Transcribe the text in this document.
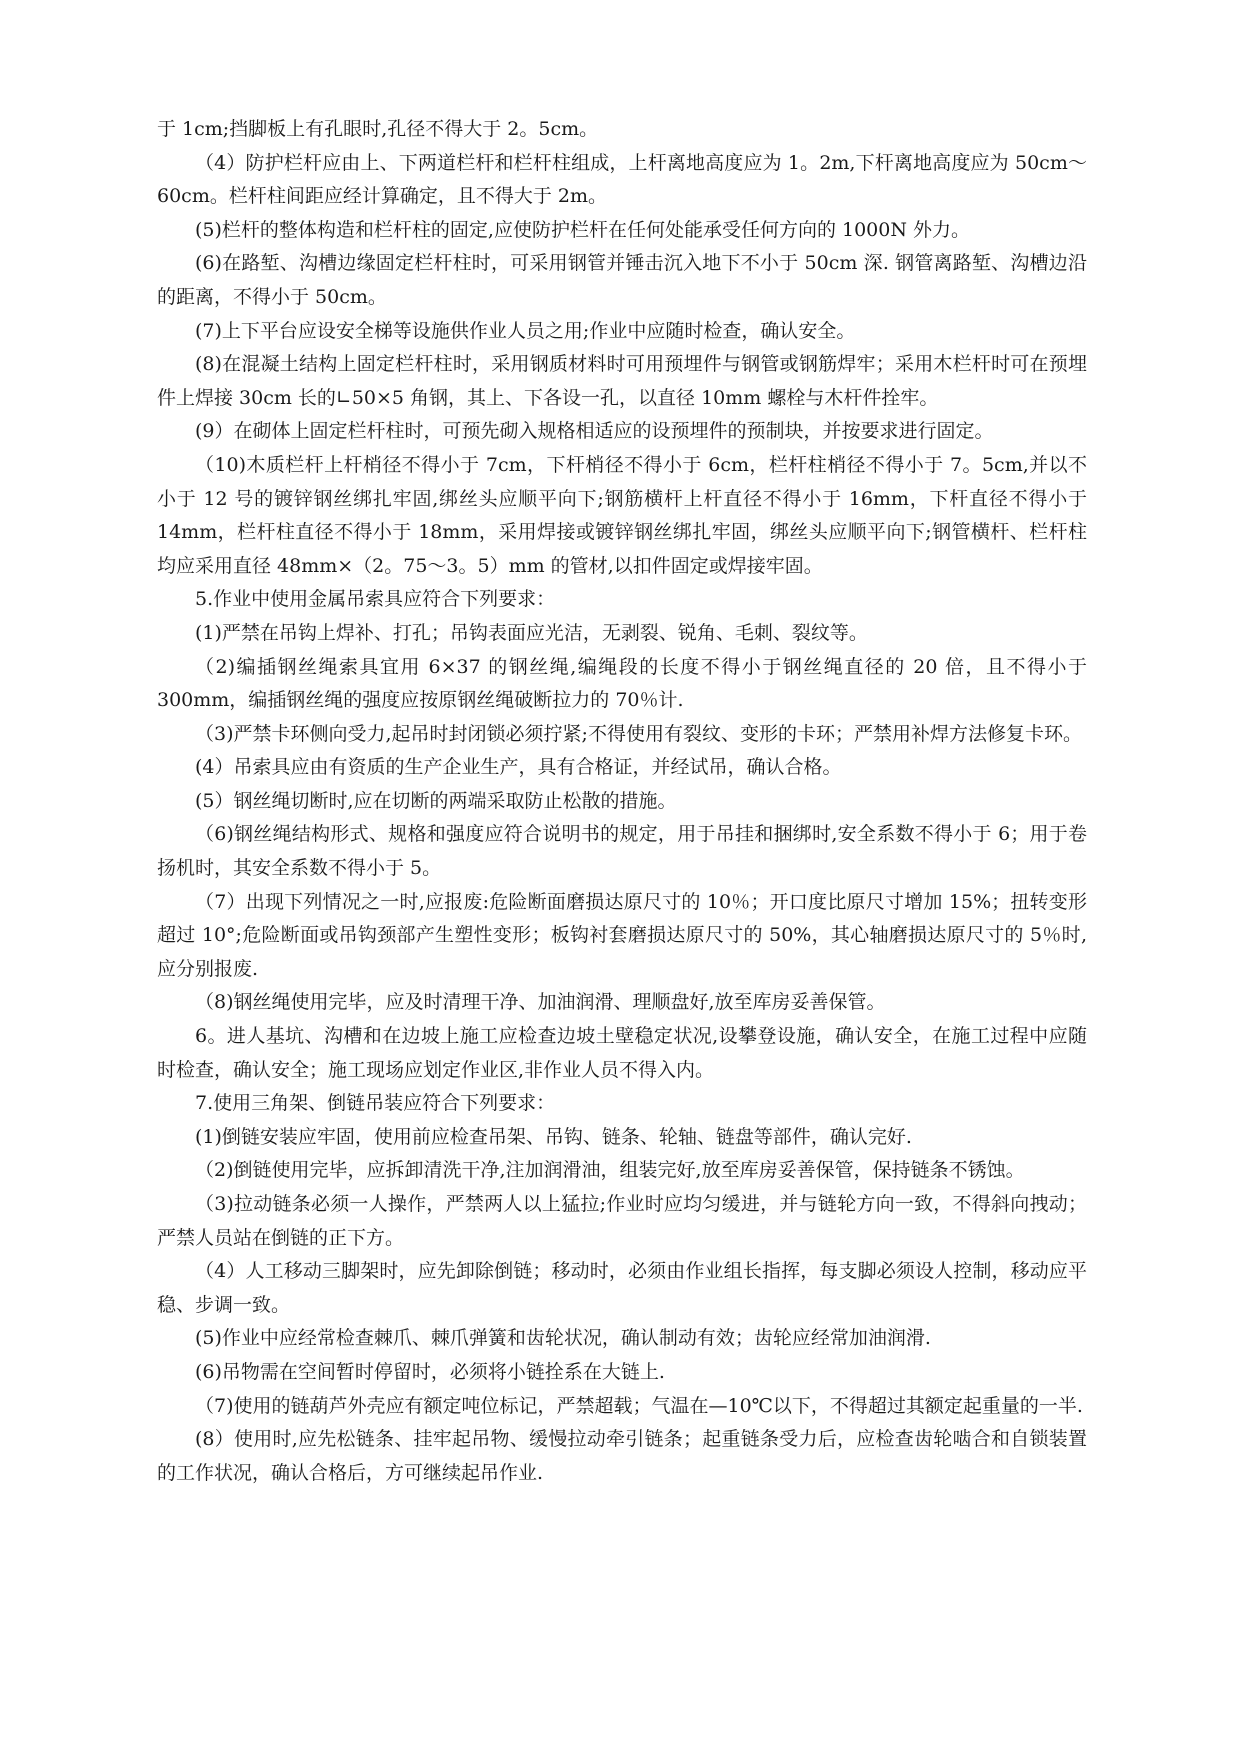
于 1cm;挡脚板上有孔眼时,孔径不得大于 2。5cm。

（4）防护栏杆应由上、下两道栏杆和栏杆柱组成，上杆离地高度应为 1。2m,下杆离地高度应为 50cm～60cm。栏杆柱间距应经计算确定，且不得大于 2m。

(5)栏杆的整体构造和栏杆柱的固定,应使防护栏杆在任何处能承受任何方向的 1000N 外力。

(6)在路堑、沟槽边缘固定栏杆柱时，可采用钢管并锤击沉入地下不小于 50cm 深. 钢管离路堑、沟槽边沿的距离，不得小于 50cm。

(7)上下平台应设安全梯等设施供作业人员之用;作业中应随时检查，确认安全。

(8)在混凝土结构上固定栏杆柱时，采用钢质材料时可用预埋件与钢管或钢筋焊牢；采用木栏杆时可在预埋件上焊接 30cm 长的∟50×5 角钢，其上、下各设一孔，以直径 10mm 螺栓与木杆件拴牢。

(9）在砌体上固定栏杆柱时，可预先砌入规格相适应的设预埋件的预制块，并按要求进行固定。

（10)木质栏杆上杆梢径不得小于 7cm，下杆梢径不得小于 6cm，栏杆柱梢径不得小于 7。5cm,并以不小于 12 号的镀锌钢丝绑扎牢固,绑丝头应顺平向下;钢筋横杆上杆直径不得小于 16mm，下杆直径不得小于 14mm，栏杆柱直径不得小于 18mm，采用焊接或镀锌钢丝绑扎牢固，绑丝头应顺平向下;钢管横杆、栏杆柱均应采用直径 48mm×（2。75～3。5）mm 的管材,以扣件固定或焊接牢固。

5.作业中使用金属吊索具应符合下列要求：

(1)严禁在吊钩上焊补、打孔；吊钩表面应光洁，无剥裂、锐角、毛刺、裂纹等。

（2)编插钢丝绳索具宜用 6×37 的钢丝绳,编绳段的长度不得小于钢丝绳直径的 20 倍，且不得小于 300mm，编插钢丝绳的强度应按原钢丝绳破断拉力的 70％计.

（3)严禁卡环侧向受力,起吊时封闭锁必须拧紧;不得使用有裂纹、变形的卡环；严禁用补焊方法修复卡环。

(4）吊索具应由有资质的生产企业生产，具有合格证，并经试吊，确认合格。

(5）钢丝绳切断时,应在切断的两端采取防止松散的措施。

（6)钢丝绳结构形式、规格和强度应符合说明书的规定，用于吊挂和捆绑时,安全系数不得小于 6；用于卷扬机时，其安全系数不得小于 5。

（7）出现下列情况之一时,应报废:危险断面磨损达原尺寸的 10％；开口度比原尺寸增加 15%；扭转变形超过 10°;危险断面或吊钩颈部产生塑性变形；板钩衬套磨损达原尺寸的 50%，其心轴磨损达原尺寸的 5％时,应分别报废.

（8)钢丝绳使用完毕，应及时清理干净、加油润滑、理顺盘好,放至库房妥善保管。

6。进人基坑、沟槽和在边坡上施工应检查边坡土壁稳定状况,设攀登设施，确认安全，在施工过程中应随时检查，确认安全；施工现场应划定作业区,非作业人员不得入内。

7.使用三角架、倒链吊装应符合下列要求：

(1)倒链安装应牢固，使用前应检查吊架、吊钩、链条、轮轴、链盘等部件，确认完好.

（2)倒链使用完毕，应拆卸清洗干净,注加润滑油，组装完好,放至库房妥善保管，保持链条不锈蚀。

（3)拉动链条必须一人操作，严禁两人以上猛拉;作业时应均匀缓进，并与链轮方向一致，不得斜向拽动；严禁人员站在倒链的正下方。

（4）人工移动三脚架时，应先卸除倒链；移动时，必须由作业组长指挥，每支脚必须设人控制，移动应平稳、步调一致。

(5)作业中应经常检查棘爪、棘爪弹簧和齿轮状况，确认制动有效；齿轮应经常加油润滑.

(6)吊物需在空间暂时停留时，必须将小链拴系在大链上.

（7)使用的链葫芦外壳应有额定吨位标记，严禁超载；气温在—10℃以下，不得超过其额定起重量的一半.

(8）使用时,应先松链条、挂牢起吊物、缓慢拉动牵引链条；起重链条受力后，应检查齿轮啮合和自锁装置的工作状况，确认合格后，方可继续起吊作业.
